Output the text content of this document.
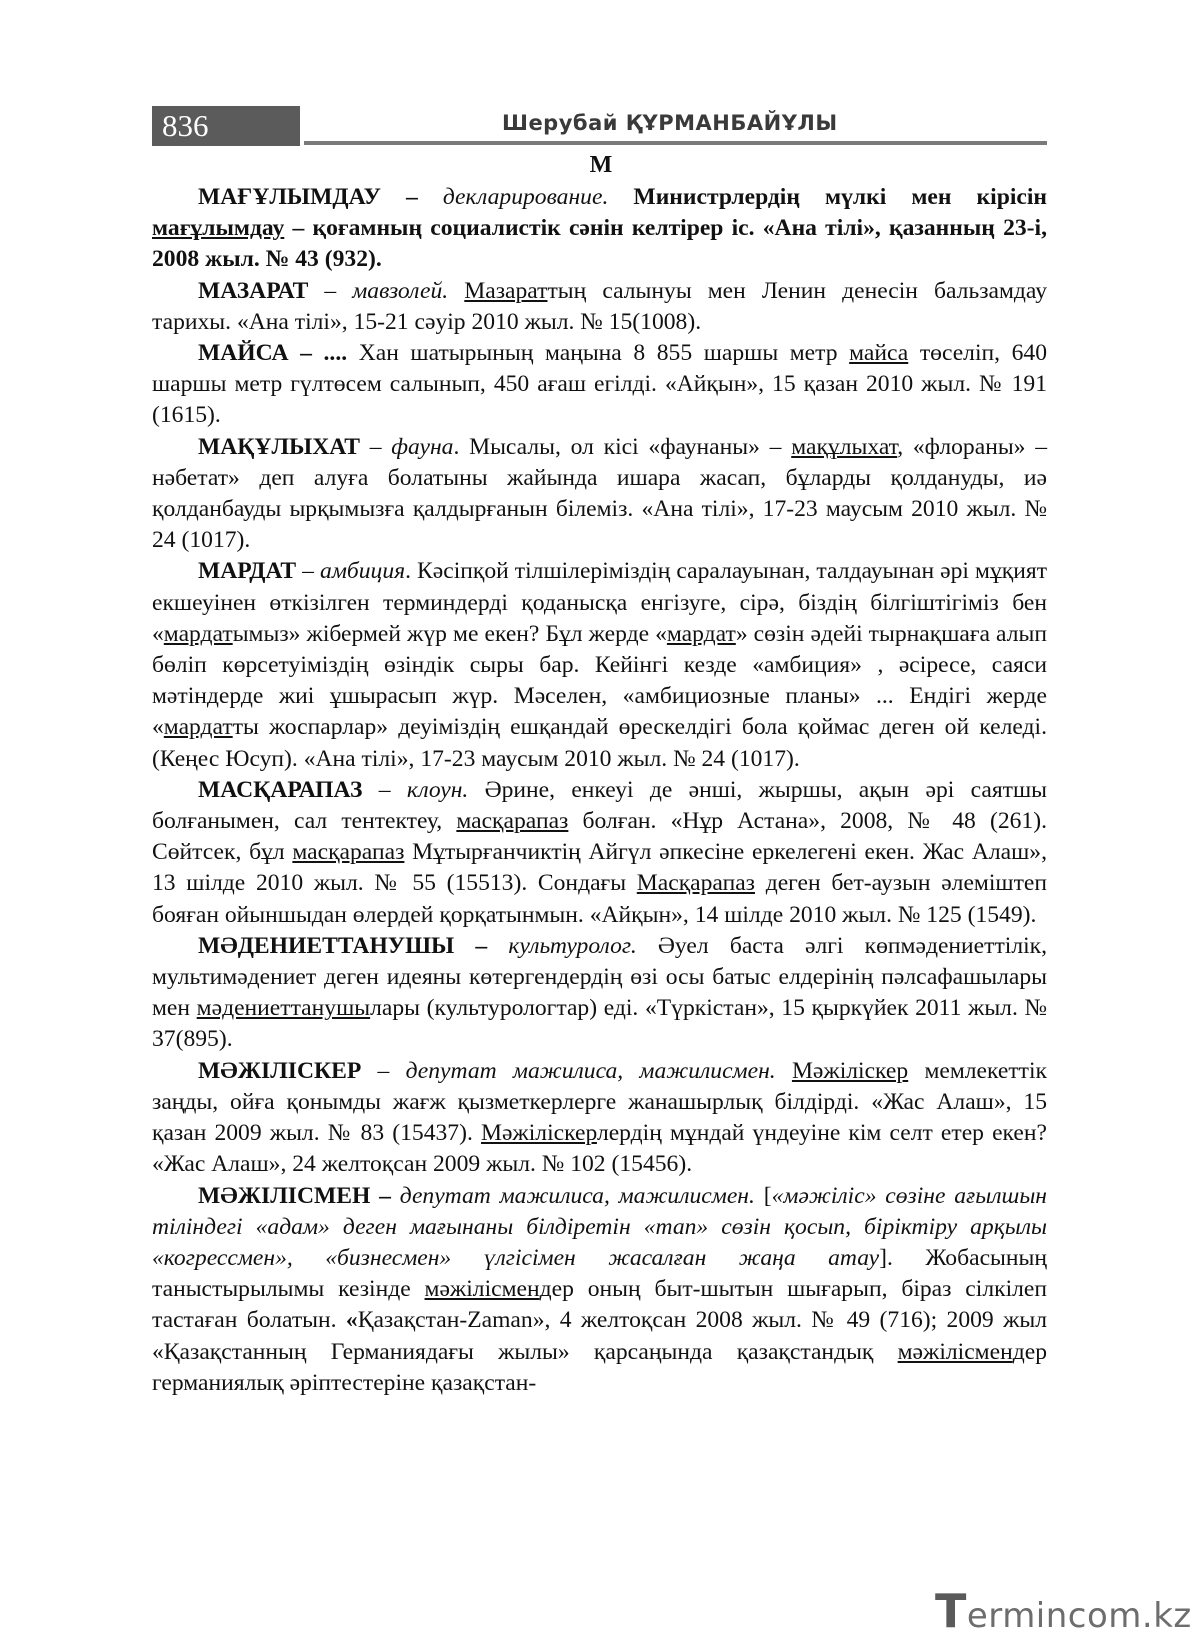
836	Шерубай ҚҰРМАНБАЙҰЛЫ
М

МАҒҰЛЫМДАУ – декларирование. Министрлердің мүлкі мен кірісін мағұлымдау – қоғамның социалистік сәнін келтірер іс. «Ана тілі», қазанның 23-і, 2008 жыл. № 43 (932).

МАЗАРАТ – мавзолей. Мазараттың салынуы мен Ленин денесін бальзамдау тарихы. «Ана тілі», 15-21 сәуір 2010 жыл. № 15(1008).

МАЙСА – .... Хан шатырының маңына 8 855 шаршы метр майса төселіп, 640 шаршы метр гүлтөсем салынып, 450 ағаш егілді. «Айқын», 15 қазан 2010 жыл. № 191 (1615).

МАҚҰЛЫХАТ – фауна. Мысалы, ол кісі «фаунаны» – мақұлыхат, «флораны» – нәбетат» деп алуға болатыны жайында ишара жасап, бұларды қолдануды, иә қолданбауды ырқымызға қалдырғанын білеміз. «Ана тілі», 17-23 маусым 2010 жыл. № 24 (1017).

МАРДАТ – амбиция. Кәсіпқой тілшілеріміздің саралауынан, талдауынан әрі мұқият екшеуінен өткізілген терминдерді қоданысқа енгізуге, сірә, біздің білгіштігіміз бен «мардатымыз» жібермей жүр ме екен? Бұл жерде «мардат» сөзін әдейі тырнақшаға алып бөліп көрсетуіміздің өзіндік сыры бар. Кейінгі кезде «амбиция» , әсіресе, саяси мәтіндерде жиі ұшырасып жүр. Мәселен, «амбициозные планы» ... Ендігі жерде «мардатты жоспарлар» деуіміздің ешқандай өрескелдігі бола қоймас деген ой келеді.(Кеңес Юсуп). «Ана тілі», 17-23 маусым 2010 жыл. № 24 (1017).

МАСҚАРАПАЗ – клоун. Әрине, енкеуі де әнші, жыршы, ақын әрі саятшы болғанымен, сал тентектеу, масқарапаз болған. «Нұр Астана», 2008, № 48 (261). Сөйтсек, бұл масқарапаз Мұтырғанчиктің Айгүл әпкесіне еркелегені екен. Жас Алаш», 13 шілде 2010 жыл. № 55 (15513). Сондағы Масқарапаз деген бет-аузын әлемiштеп бояған ойыншыдан өлердей қорқатынмын. «Айқын», 14 шілде 2010 жыл. № 125 (1549).

МӘДЕНИЕТТАНУШЫ – культуролог. Әуел баста әлгі көпмәдениеттілік, мультимәдениет деген идеяны көтергендердің өзі осы батыс елдерінің пәлсафашылары мен мәдениеттанушылары (культурологтар) еді. «Түркістан», 15 қыркүйек 2011 жыл. № 37(895).

МӘЖІЛІСКЕР – депутат мажилиса, мажилисмен. Мәжілiскер мемлекеттік заңды, ойға қонымды жағж қызметкерлерге жанашырлық білдірді. «Жас Алаш», 15 қазан 2009 жыл. № 83 (15437). Мәжілiскерлердің мұндай үндеуіне кім селт етер екен? «Жас Алаш», 24 желтоқсан 2009 жыл. № 102 (15456).

МӘЖІЛІСМЕН – депутат мажилиса, мажилисмен. [«мәжіліс» сөзіне ағылшын тіліндегі «адам» деген мағынаны білдіретін «тап» сөзін қосып, біріктіру арқылы «когрессмен», «бизнесмен» үлгісімен жасалған жаңа атау]. Жобасының таныстырылымы кезінде мәжілісмендер оның быт-шытын шығарып, біраз сілкілеп тастаған болатын. «Қазақстан-Zaman», 4 желтоқсан 2008 жыл. № 49 (716); 2009 жыл «Қазақстанның Германиядағы жылы» қарсаңында қазақстандық мәжілісмендер германиялық әріптестеріне қазақстан-

Termincom.kz
